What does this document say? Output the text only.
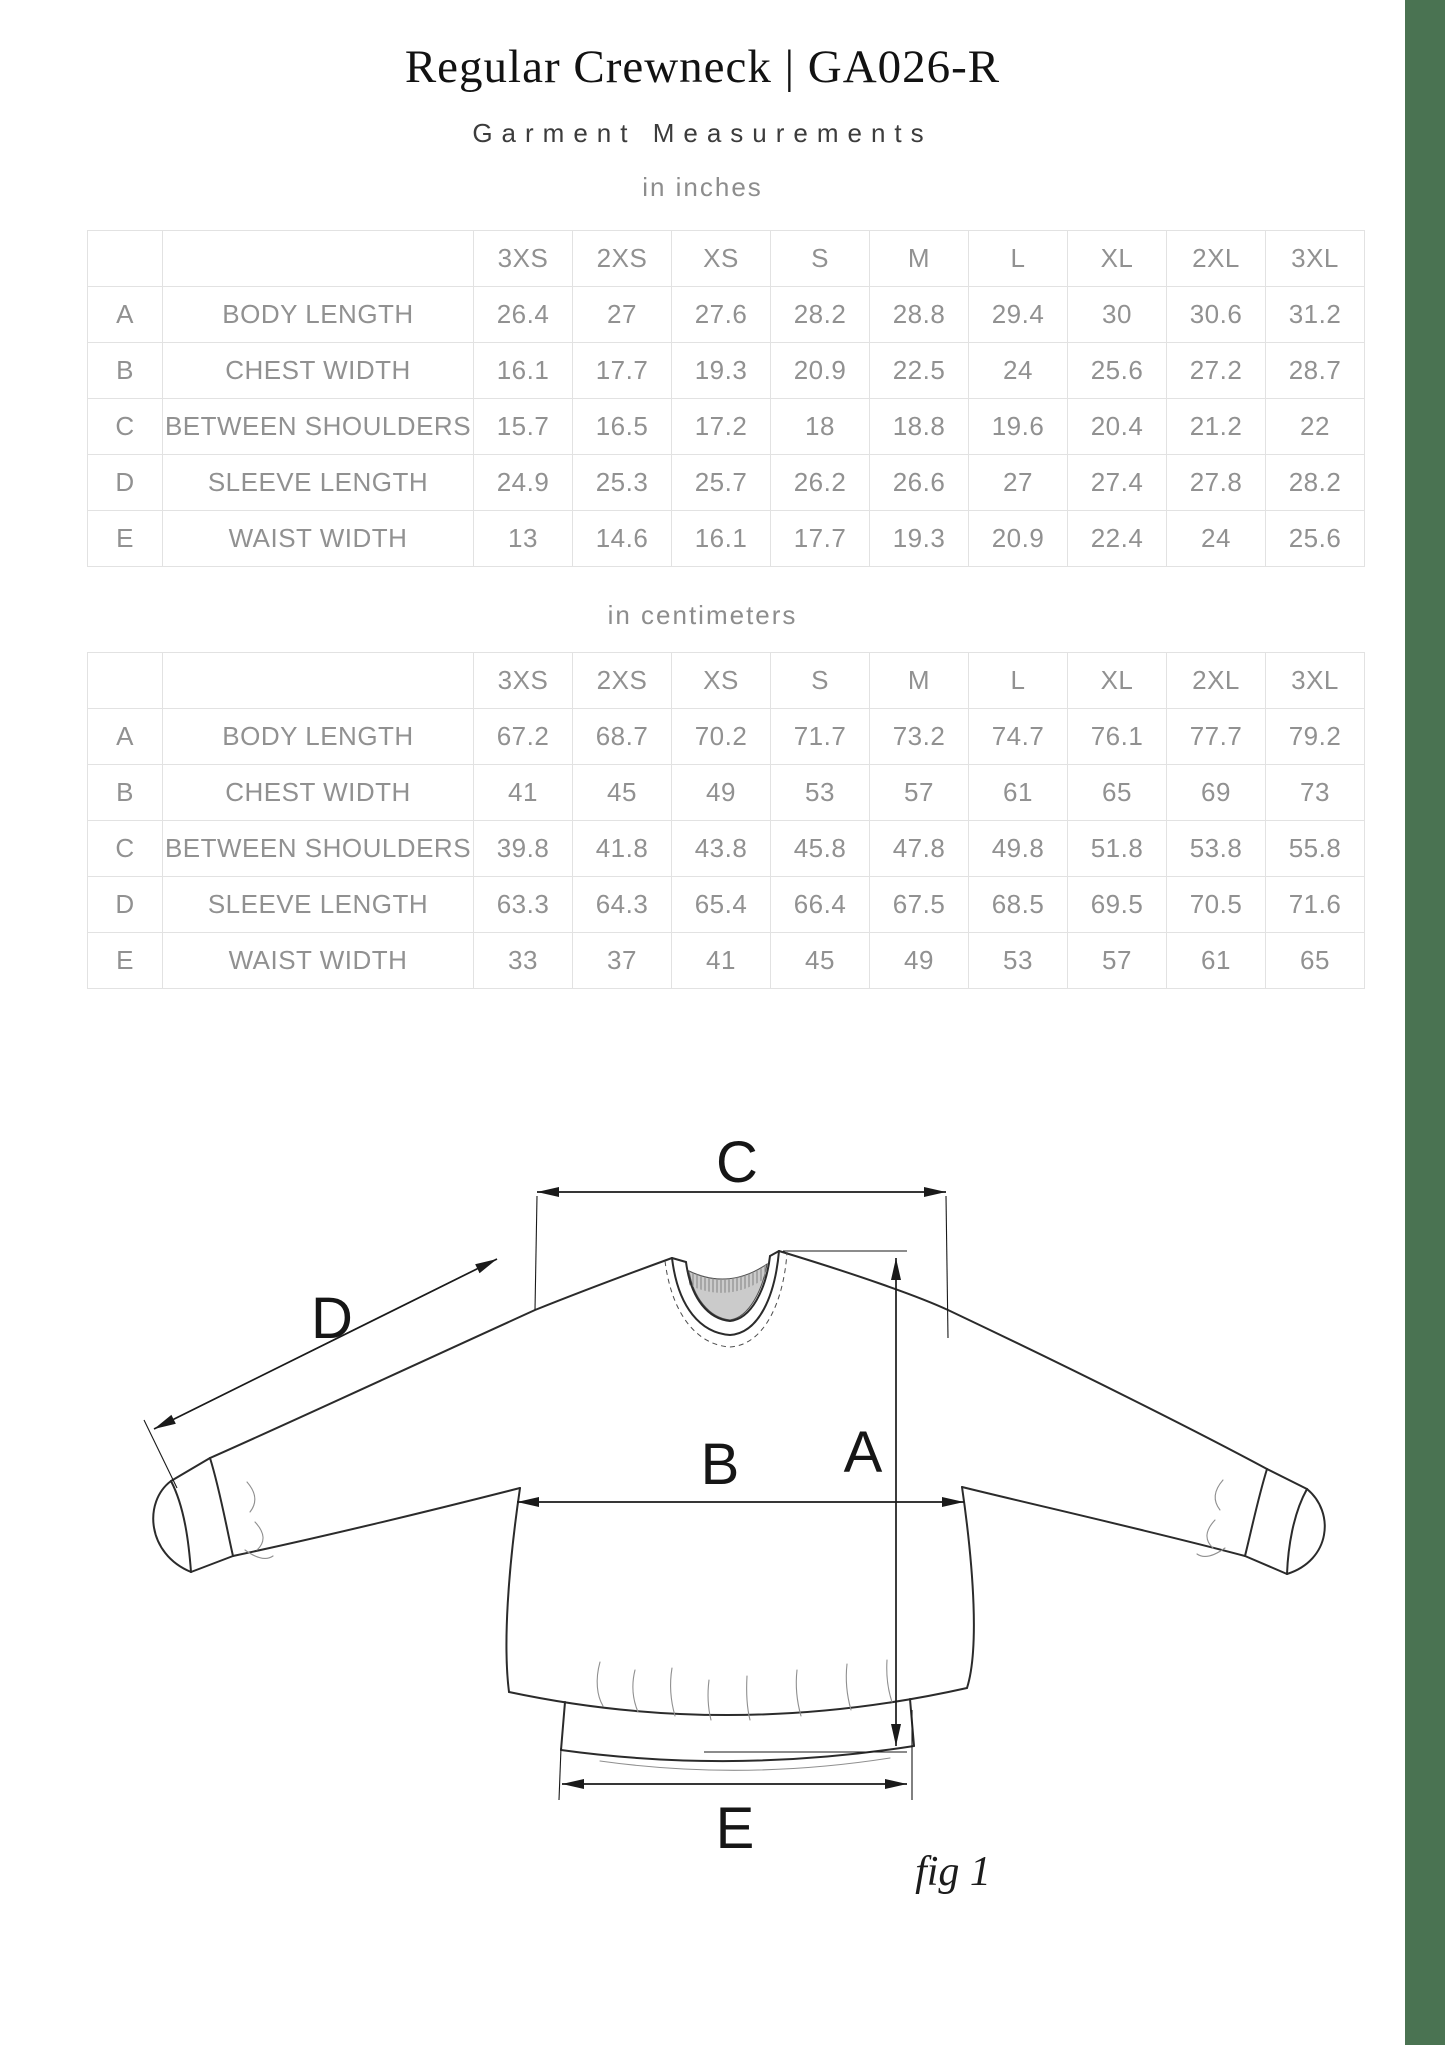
Regular Crewneck | GA026-R
Garment Measurements
in inches
		3XS	2XS	XS	S	M	L	XL	2XL	3XL
A	BODY LENGTH	26.4	27	27.6	28.2	28.8	29.4	30	30.6	31.2
B	CHEST WIDTH	16.1	17.7	19.3	20.9	22.5	24	25.6	27.2	28.7
C	BETWEEN SHOULDERS	15.7	16.5	17.2	18	18.8	19.6	20.4	21.2	22
D	SLEEVE LENGTH	24.9	25.3	25.7	26.2	26.6	27	27.4	27.8	28.2
E	WAIST WIDTH	13	14.6	16.1	17.7	19.3	20.9	22.4	24	25.6
in centimeters
		3XS	2XS	XS	S	M	L	XL	2XL	3XL
A	BODY LENGTH	67.2	68.7	70.2	71.7	73.2	74.7	76.1	77.7	79.2
B	CHEST WIDTH	41	45	49	53	57	61	65	69	73
C	BETWEEN SHOULDERS	39.8	41.8	43.8	45.8	47.8	49.8	51.8	53.8	55.8
D	SLEEVE LENGTH	63.3	64.3	65.4	66.4	67.5	68.5	69.5	70.5	71.6
E	WAIST WIDTH	33	37	41	45	49	53	57	61	65
C
D
A
B
E
fig 1
